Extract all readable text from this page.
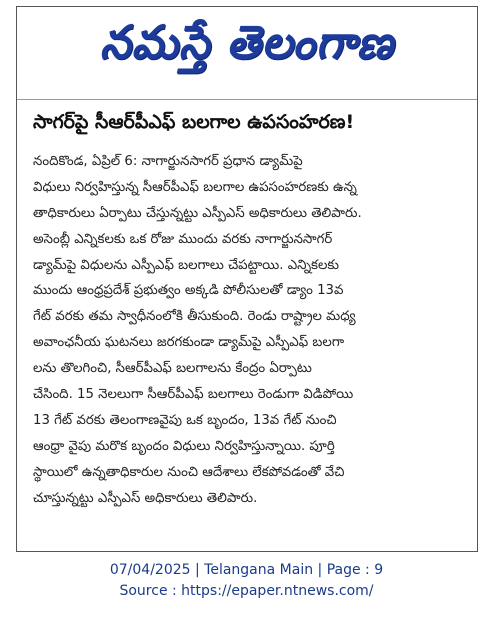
నమస్తే తెలంగాణ
సాగర్‌పై సీఆర్‌పీఎఫ్ బలగాల ఉపసంహరణ!
నందికొండ, ఏప్రిల్ 6: నాగార్జునసాగర్ ప్రధాన డ్యామ్‌పై
విధులు నిర్వహిస్తున్న సీఆర్‌పీఎఫ్ బలగాల ఉపసంహరణకు ఉన్న
తాధికారులు ఏర్పాటు చేస్తున్నట్టు ఎస్పీఎస్ అధికారులు తెలిపారు.
అసెంబ్లీ ఎన్నికలకు ఒక రోజు ముందు వరకు నాగార్జునసాగర్
డ్యామ్‌పై విధులను ఎస్పీఎఫ్ బలగాలు చేపట్టాయి. ఎన్నికలకు
ముందు ఆంధ్రప్రదేశ్ ప్రభుత్వం అక్కడి పోలీసులతో డ్యాం 13వ
గేట్ వరకు తమ స్వాధీనంలోకి తీసుకుంది. రెండు రాష్ట్రాల మధ్య
అవాంఛనీయ ఘటనలు జరగకుండా డ్యామ్‌పై ఎస్పీఎఫ్ బలగా
లను తొలగించి, సీఆర్‌పీఎఫ్ బలగాలను కేంద్రం ఏర్పాటు
చేసింది. 15 నెలలుగా సీఆర్‌పీఎఫ్ బలగాలు రెండుగా విడిపోయి
13 గేట్ వరకు తెలంగాణవైపు ఒక బృందం, 13వ గేట్ నుంచి
ఆంధ్రా వైపు మరొక బృందం విధులు నిర్వహిస్తున్నాయి. పూర్తి
స్థాయిలో ఉన్నతాధికారుల నుంచి ఆదేశాలు లేకపోవడంతో వేచి
చూస్తున్నట్టు ఎస్పీఎస్ అధికారులు తెలిపారు.
07/04/2025 | Telangana Main | Page : 9
Source : https://epaper.ntnews.com/
